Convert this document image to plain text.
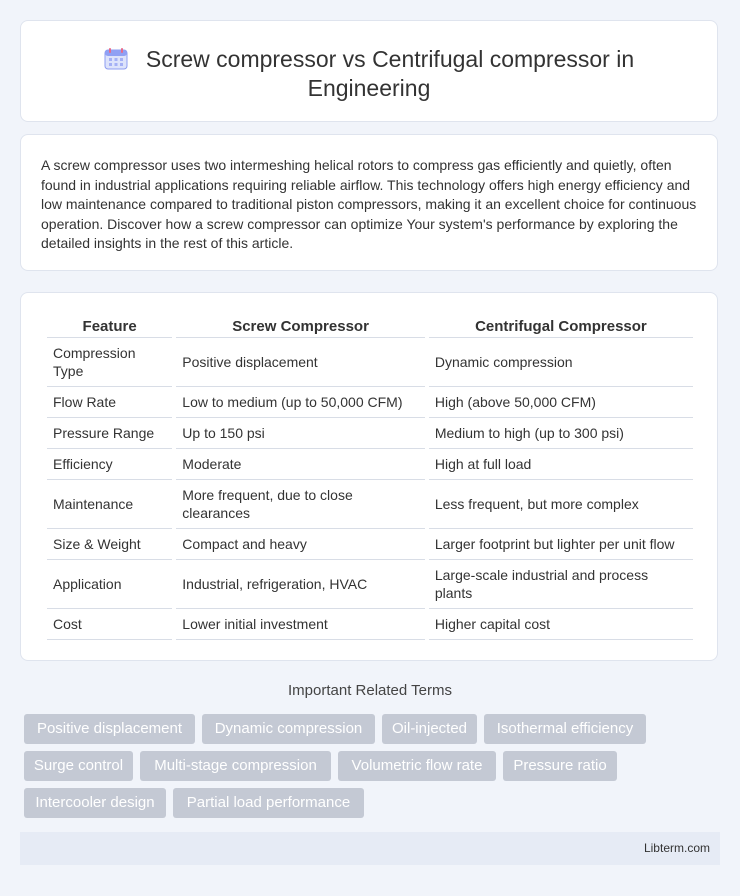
Screw compressor vs Centrifugal compressor in
Engineering
A screw compressor uses two intermeshing helical rotors to compress gas efficiently and quietly, often found in industrial applications requiring reliable airflow. This technology offers high energy efficiency and low maintenance compared to traditional piston compressors, making it an excellent choice for continuous operation. Discover how a screw compressor can optimize Your system's performance by exploring the detailed insights in the rest of this article.
Feature	Screw Compressor	Centrifugal Compressor
Compression Type	Positive displacement	Dynamic compression
Flow Rate	Low to medium (up to 50,000 CFM)	High (above 50,000 CFM)
Pressure Range	Up to 150 psi	Medium to high (up to 300 psi)
Efficiency	Moderate	High at full load
Maintenance	More frequent, due to close clearances	Less frequent, but more complex
Size & Weight	Compact and heavy	Larger footprint but lighter per unit flow
Application	Industrial, refrigeration, HVAC	Large-scale industrial and process plants
Cost	Lower initial investment	Higher capital cost
Important Related Terms
Positive displacement	Dynamic compression	Oil-injected	Isothermal efficiency
Surge control	Multi-stage compression	Volumetric flow rate	Pressure ratio
Intercooler design	Partial load performance
Libterm.com
